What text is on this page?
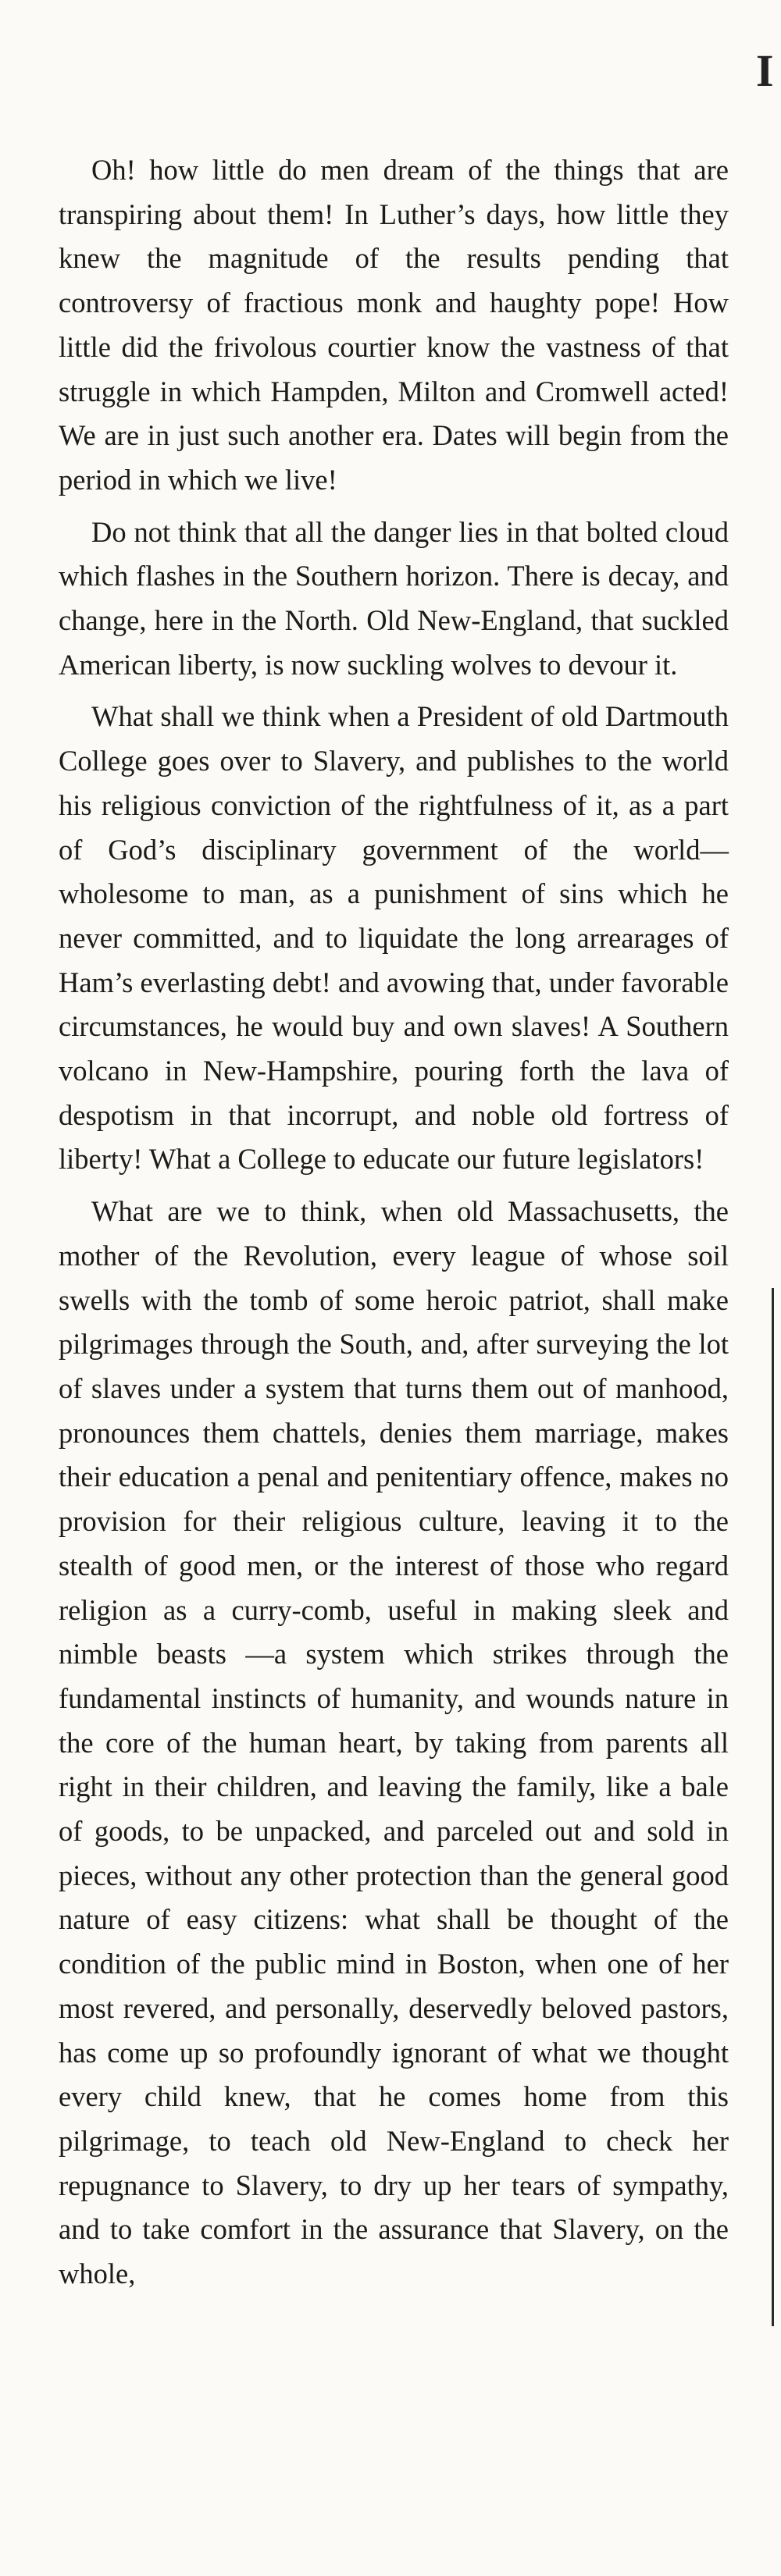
I

Oh! how little do men dream of the things that are transpiring about them! In Luther’s days, how little they knew the magnitude of the results pending that controversy of fractious monk and haughty pope! How little did the frivolous courtier know the vastness of that struggle in which Hampden, Milton and Cromwell acted! We are in just such another era. Dates will begin from the period in which we live!

Do not think that all the danger lies in that bolted cloud which flashes in the Southern horizon. There is decay, and change, here in the North. Old New-England, that suckled American liberty, is now suckling wolves to devour it.

What shall we think when a President of old Dartmouth College goes over to Slavery, and publishes to the world his religious conviction of the rightfulness of it, as a part of God’s disciplinary government of the world—wholesome to man, as a punishment of sins which he never committed, and to liquidate the long arrearages of Ham’s everlasting debt! and avowing that, under favorable circumstances, he would buy and own slaves! A Southern volcano in New-Hampshire, pouring forth the lava of despotism in that incorrupt, and noble old fortress of liberty! What a College to educate our future legislators!

What are we to think, when old Massachusetts, the mother of the Revolution, every league of whose soil swells with the tomb of some heroic patriot, shall make pilgrimages through the South, and, after surveying the lot of slaves under a system that turns them out of manhood, pronounces them chattels, denies them marriage, makes their education a penal and penitentiary offence, makes no provision for their religious culture, leaving it to the stealth of good men, or the interest of those who regard religion as a curry-comb, useful in making sleek and nimble beasts —a system which strikes through the fundamental instincts of humanity, and wounds nature in the core of the human heart, by taking from parents all right in their children, and leaving the family, like a bale of goods, to be unpacked, and parceled out and sold in pieces, without any other protection than the general good nature of easy citizens: what shall be thought of the condition of the public mind in Boston, when one of her most revered, and personally, deservedly beloved pastors, has come up so profoundly ignorant of what we thought every child knew, that he comes home from this pilgrimage, to teach old New-England to check her repugnance to Slavery, to dry up her tears of sympathy, and to take comfort in the assurance that Slavery, on the whole,
